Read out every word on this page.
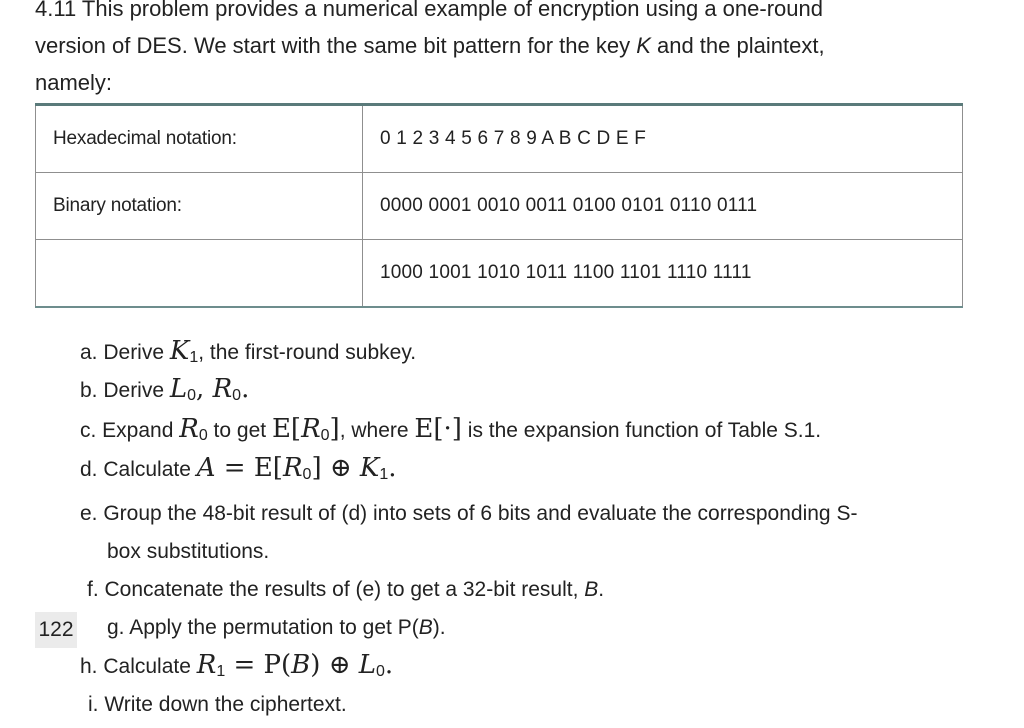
4.11 This problem provides a numerical example of encryption using a one-round
version of DES. We start with the same bit pattern for the key K and the plaintext,
namely:
Hexadecimal notation:	0 1 2 3 4 5 6 7 8 9 A B C D E F
Binary notation:	0000 0001 0010 0011 0100 0101 0110 0111
	1000 1001 1010 1011 1100 1101 1110 1111
a. Derive K1, the first-round subkey.
b. Derive L0, R0.
c. Expand R0 to get E[R0], where E[·] is the expansion function of Table S.1.
d. Calculate A = E[R0] ⊕ K1.
e. Group the 48-bit result of (d) into sets of 6 bits and evaluate the corresponding S-
box substitutions.
f. Concatenate the results of (e) to get a 32-bit result, B.
g. Apply the permutation to get P(B).
h. Calculate R1 = P(B) ⊕ L0.
i. Write down the ciphertext.
122
